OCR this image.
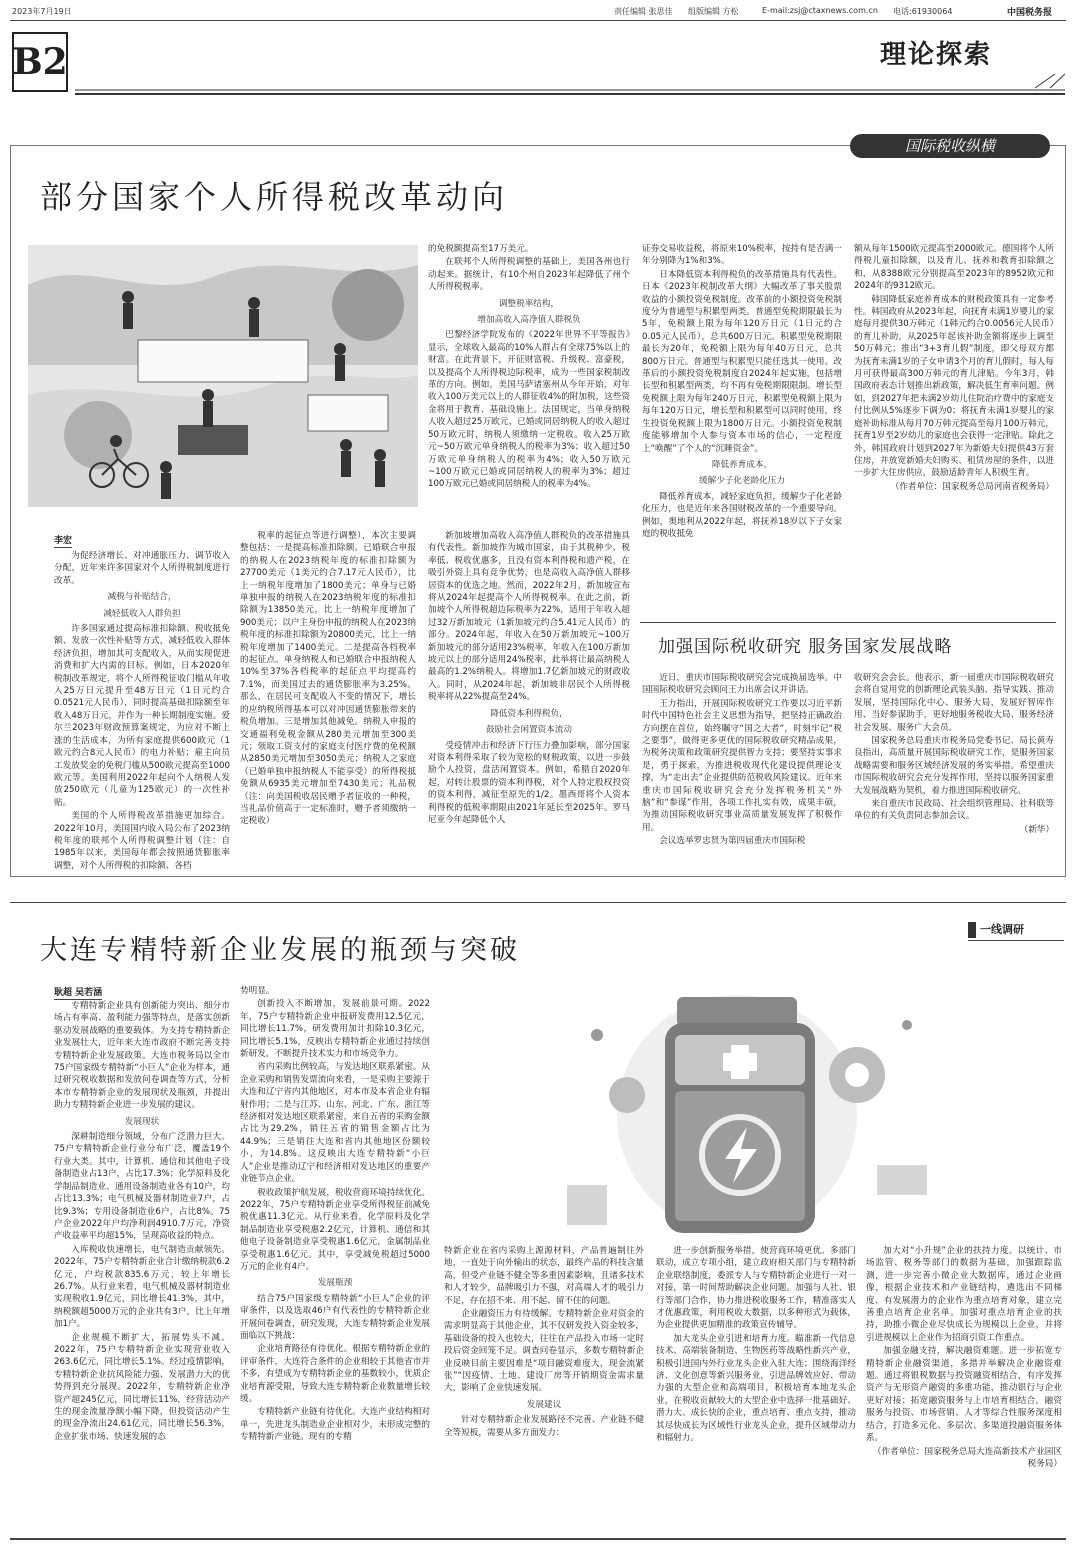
2023年7月19日	责任编辑 张思佳 组版编辑 方松	E-mail:zsj@ctaxnews.com.cn 电话:61930064	中国税务报
B2	理论探索
国际税收纵横
部分国家个人所得税改革动向
李宏

为促经济增长、对冲通胀压力、调节收入分配，近年来许多国家对个人所得税制度进行改革。

减税与补贴结合，
减轻低收入人群负担

许多国家通过提高标准扣除额、税收抵免额、发放一次性补贴等方式，减轻低收入群体经济负担，增加其可支配收入，从而实现促进消费和扩大内需的目标。例如，日本2020年税制改革规定，将个人所得税征收门槛从年收入25万日元提升至48万日元（1日元约合0.0521元人民币），同时提高基础扣除额至年收入48万日元，并作为一种长期制度实施。爱尔兰2023年财政预算案规定，为应对不断上涨的生活成本，为所有家庭提供600欧元（1欧元约合8元人民币）的电力补贴；雇主向员工发放奖金的免税门槛从500欧元提高至1000欧元等。美国利用2022年起向个人纳税人发放250欧元（儿童为125欧元）的一次性补贴。

美国的个人所得税改革措施更加综合。2022年10月，美国国内收入局公布了2023纳税年度的联邦个人所得税调整计划（注：自1985年以来，美国每年都会按照通货膨胀率调整，对个人所得税的扣除额、各档

税率的起征点等进行调整），本次主要调整包括：一是提高标准扣除额。已婚联合申报的纳税人在2023纳税年度的标准扣除额为27700美元（1美元约合7.17元人民币），比上一纳税年度增加了1800美元；单身与已婚单独申报的纳税人在2023纳税年度的标准扣除额为13850美元，比上一纳税年度增加了900美元；以户主身份申报的纳税人在2023纳税年度的标准扣除额为20800美元，比上一纳税年度增加了1400美元。二是提高各档税率的起征点。单身纳税人和已婚联合申报纳税人10%至37%各档税率的起征点平均提高约7.1%，而美国过去的通货膨胀率为3.25%。那么，在居民可支配收入不变的情况下，增长的应纳税所得基本可以对冲因通货膨胀带来的税负增加。三是增加其他减免。纳税人申报的交通福利免税金额从280美元增加至300美元；领取工资支付的家庭支付医疗费的免税额从2850美元增加至3050美元；纳税人之家庭（已婚单独申报纳税人不能享受）的所得税抵免额从6935美元增加至7430美元；礼品税（注：向美国税收居民赠予者征收的一种税，当礼品价值高于一定标准时，赠予者须缴纳一定税收）

的免税额提高至17万美元。

在联邦个人所得税调整的基础上，美国各州也行动起来。据统计，有10个州自2023年起降低了州个人所得税税率。

调整税率结构，
增加高收入高净值人群税负

巴黎经济学院发布的《2022年世界不平等报告》显示，全球收入最高的10%人群占有全球75%以上的财富。在此背景下，开征财富税、升级税、富豪税，以及提高个人所得税边际税率，成为一些国家税制改革的方向。例如，美国马萨诸塞州从今年开始，对年收入100万美元以上的人群征收4%的附加税，这些资金将用于教育、基础设施上。法国规定，当单身纳税人收入超过25万欧元、已婚或同居纳税人的收入超过50万欧元时，纳税人须缴纳一定税收。收入25万欧元~50万欧元单身纳税人的税率为3%；收入超过50万欧元单身纳税人的税率为4%；收入50万欧元~100万欧元已婚或同居纳税人的税率为3%；超过100万欧元已婚或同居纳税人的税率为4%。

新加坡增加高收入高净值人群税负的改革措施具有代表性。新加坡作为城市国家，由于其税种少、税率低、税收优惠多，且没有资本利得税和遗产税，在吸引外资上具有竞争优势，也是高收入高净值人群移居资本的优选之地。然而，2022年2月，新加坡宣布将从2024年起提高个人所得税税率。在此之前，新加坡个人所得税超边际税率为22%，适用于年收入超过32万新加坡元（1新加坡元约合5.41元人民币）的部分。2024年起，年收入在50万新加坡元~100万新加坡元的部分适用23%税率，年收入在100万新加坡元以上的部分适用24%税率，此举将让最高纳税人最高的1.2%纳税人。将增加1.7亿新加坡元的财政收入。同时，从2024年起，新加坡非居民个人所得税税率将从22%提高至24%。

降低资本利得税负，
鼓励社会闲置资本流动

受疫情冲击和经济下行压力叠加影响，部分国家对资本利得采取了较为宽松的财税政策，以进一步鼓励个人投资，盘活闲置资本。例如，希腊自2020年起，对转让股票的资本利得税，对个人特定股权投资的资本利得，减征至原先的1/2。墨西哥将个人资本利得税的低税率期限由2021年延长至2025年。罗马尼亚今年起降低个人

证券交易收益税，将原来10%税率，按持有是否满一年分别降为1%和3%。

日本降低资本利得税负的改革措施具有代表性。日本《2023年税制改革大纲》大幅改革了事关股票收益的小额投资免税制度。改革前的小额投资免税制度分为普通型与积累型两类。普通型免税期限最长为5年，免税额上限为每年120万日元（1日元约合0.05元人民币），总共600万日元。积累型免税期限最长为20年，免税额上限为每年40万日元，总共800万日元。普通型与积累型只能任选其一使用。改革后的小额投资免税制度自2024年起实施，包括增长型和积累型两类，均不再有免税期限限制。增长型免税额上限为每年240万日元，积累型免税额上限为每年120万日元，增长型和积累型可以同时使用，终生投资免税额上限为1800万日元。小额投资免税制度能够增加个人参与资本市场的信心，一定程度上“唤醒”了个人的“沉睡资金”。

降低养育成本，
缓解少子化老龄化压力

降低养育成本，减轻家庭负担，缓解少子化老龄化压力，也是近年来各国财税改革的一个重要导向。例如，奥地利从2022年起，将抚养18岁以下子女家庭的税收抵免

额从每年1500欧元提高至2000欧元。德国将个人所得税儿童扣除额，以及育儿、抚养和教育扣除额之和，从8388欧元分别提高至2023年的8952欧元和2024年的9312欧元。

韩国降低家庭养育成本的财税政策具有一定参考性。韩国政府从2023年起，向抚育未满1岁婴儿的家庭每月提供30万韩元（1韩元约合0.0056元人民币）的育儿补助，从2025年起该补助金额将逐步上调至50万韩元；推出“3+3育儿假”制度，即父母双方都为抚育未满1岁的子女申请3个月的育儿假时，每人每月可获得最高300万韩元的育儿津贴。今年3月，韩国政府表态计划推出新政策，解决低生育率问题。例如，到2027年把未满2岁幼儿住院治疗费中的家庭支付比例从5%逐步下调为0；将抚育未满1岁婴儿的家庭补助标准从每月70万韩元提高至每月100万韩元，抚育1岁至2岁幼儿的家庭也会获得一定津贴。除此之外，韩国政府计划到2027年为新婚夫妇提供43万套住房，并放宽新婚夫妇购买、租赁房屋的条件，以进一步扩大住房供应，鼓励适龄青年人积极生育。

（作者单位：国家税务总局河南省税务局）

加强国际税收研究 服务国家发展战略

近日，重庆市国际税收研究会完成换届选举。中国国际税收研究会顾问王力出席会议并讲话。

王力指出，开展国际税收研究工作要以习近平新时代中国特色社会主义思想为指导，把坚持正确政治方向摆在首位，始终瞩守“国之大者”，时刻牢记“税之要事”，做得更多更优的国际税收研究精品成果，为税务决策和政策研究提供智力支持；要坚持实事求是，勇于探索，为推进税收现代化建设提供理论支撑，为“走出去”企业提供防范税收风险建议。近年来重庆市国际税收研究会充分发挥税务机关“外脑”和“参谋”作用，各项工作扎实有效，成果丰硕，为推动国际税收研究事业高质量发展发挥了积极作用。

会议选举罗忠贤为第四届重庆市国际税

收研究会会长。他表示，新一届重庆市国际税收研究会将自觉用党的创新理论武装头脑、指导实践、推动发展，坚持国际化中心、服务大局，发展好智库作用、当好参谋助手，更好地服务税收大局、服务经济社会发展、服务广大会员。

国家税务总局重庆市税务局党委书记、局长黄寿良指出，高质量开展国际税收研究工作，是服务国家战略需要和服务区域经济发展的务实举措。希望重庆市国际税收研究会充分发挥作用，坚持以服务国家重大发展战略为契机，着力推进国际税收研究。

来自重庆市民政局、社会组织管理局、社科联等单位的有关负责同志参加会议。

（新华）

一线调研
大连专精特新企业发展的瓶颈与突破
耿超 吴若涵

专精特新企业具有创新能力突出、细分市场占有率高、盈利能力强等特点，是落实创新驱动发展战略的重要载体。为支持专精特新企业发展壮大，近年来大连市政府不断完善支持专精特新企业发展政策。大连市税务局以全市75户国家级专精特新“小巨人”企业为样本，通过研究税收数据和发放问卷调查等方式，分析本市专精特新企业的发展现状及瓶颈，并提出助力专精特新企业进一步发展的建议。

发展现状

深耕制造细分领域，分布广泛潜力巨大。75户专精特新企业行业分布广泛，覆盖19个行业大类。其中，计算机、通信和其他电子设备制造业占13户，占比17.3%；化学原料及化学制品制造业、通用设备制造业各有10户，均占比13.3%；电气机械及器材制造业7户，占比9.3%；专用设备制造业6户，占比8%。75户企业2022年户均净利润4910.7万元，净资产收益率平均超15%，呈现高收益的特点。

入库税收快速增长，电气制造贡献领先。2022年，75户专精特新企业合计缴纳税款6.2亿元，户均税款835.6万元，较上年增长26.7%。从行业来看，电气机械及器材制造业实现税收1.9亿元，同比增长41.3%，其中，纳税额超5000万元的企业共有3户，比上年增加1户。

企业规模不断扩大，拓展势头不减。2022年，75户专精特新企业实现营业收入263.6亿元，同比增长5.1%。经过疫情影响，专精特新企业抗风险能力强、发展潜力大的优势得到充分展现。2022年，专精特新企业净资产超245亿元，同比增长11%，经营活动产生的现金流量净额小幅下降，但投资活动产生的现金净流出24.61亿元，同比增长56.3%，企业扩张市场、快速发展的态

势明显。

创新投入不断增加，发展前景可期。2022年，75户专精特新企业申报研发费用12.5亿元，同比增长11.7%，研发费用加计扣除10.3亿元，同比增长5.1%，反映出专精特新企业通过持续创新研发，不断提升技术实力和市场竞争力。

省内采购比例较高，与发达地区联系紧密。从企业采购和销售发票流向来看，一是采购主要源于大连和辽宁省内其他地区，对本市及本省企业有辐射作用；二是与江苏、山东、河北、广东、浙江等经济相对发达地区联系紧密，来自五省的采购金额占比为29.2%，销往五省的销售金额占比为44.9%；三是销往大连和省内其他地区份额较小，为14.8%。这反映出大连专精特新“小巨人”企业是推动辽宁和经济相对发达地区的重要产业链节点企业。

税收政策护航发展，税收营商环境持续优化。2022年，75户专精特新企业享受所得税征前减免税优惠11.3亿元。从行业来看，化学原料及化学制品制造业享受税惠2.2亿元，计算机、通信和其他电子设备制造业享受税惠1.6亿元，金属制品业享受税惠1.6亿元。其中，享受减免税超过5000万元的企业有4户。

发展瓶颈

结合75户国家级专精特新“小巨人”企业的评审条件，以及选取46户有代表性的专精特新企业开展问卷调查，研究发现，大连专精特新企业发展面临以下挑战：

企业培育路径有待优化。根据专精特新企业的评审条件，大连符合条件的企业相较于其他省市并不多，有望成为专精特新企业的基数较小，优质企业培育源受限，导致大连专精特新企业数量增长较缓。

专精特新产业链有待优化。大连产业结构相对单一，先进龙头制造业企业相对少，未形成完整的专精特新产业链。现有的专精

特新企业在省内采购上源源材料，产品普遍制往外地，一直处于向外输出的状态，最终产品的科技含量高，但受产业链不健全等多重因素影响，且诸多技术和人才较少，品牌吸引力不强，对高端人才的吸引力不足，存在招不来、用不起、留不住的问题。

企业融资压力有待缓解。专精特新企业对资金的需求明显高于其他企业，其不仅研发投入资金较多，基础设备的投入也较大，往往在产品投入市场一定时段后资金回笼不足。调查问卷显示，多数专精特新企业反映目前主要因难是“项目融资难度大，现金流紧张”“因疫情、土地、建设厂房等开销期资金需求量大，影响了企业快速发展。

发展建议

针对专精特新企业发展路径不完善、产业链不健全等短板，需要从多方面发力：

进一步创新服务举措，使营商环境更优。多部门联动，成立专项小组，建立政府相关部门与专精特新企业联络制度，委派专人与专精特新企业进行一对一对接，第一时间帮助解决企业问题。加强与人社、银行等部门合作，协力推进税收服务工作，精准落实人才优惠政策，利用税收大数据，以多种形式为载体，为企业提供更加精准的政策宣传辅导。

加大龙头企业引进和培育力度。瞄准新一代信息技术、高端装备制造、生物医药等战略性新兴产业，积极引进国内外行业龙头企业入驻大连；围绕海洋经济、文化创意等新兴服务业，引进品牌效应好、带动力强的大型企业和高端项目，积极培育本地龙头企业，在税收贡献较大的大型企业中选择一批基础好、潜力大、成长快的企业，重点培育、重点支持，推动其尽快成长为区域性行业龙头企业，提升区域带动力和辐射力。

加大对“小升规”企业的扶持力度。以统计、市场监管、税务等部门的数据为基础，加强跟踪监测，进一步完善小微企业大数据库，通过企业画像，根据企业技术和产业链结构，遴选出不同梯度、有发展潜力的企业作为重点培育对象，建立完善重点培育企业名单。加强对重点培育企业的扶持，助推小微企业尽快成长为规模以上企业，并将引进规模以上企业作为招商引资工作重点。

加强金融支持，解决融资难题。进一步拓宽专精特新企业融资渠道，多措并举解决企业融资难题。通过将银税数据与投资融资相结合，有序发挥资产与无形资产融资的多重功能，推动银行与企业更好对接；拓宽融资服务与上市培育相结合，融资服务与投资、市场营销、人才等综合性服务深度相结合，打造多元化、多层次、多渠道投融资服务体系。

（作者单位：国家税务总局大连高新技术产业园区税务局）
